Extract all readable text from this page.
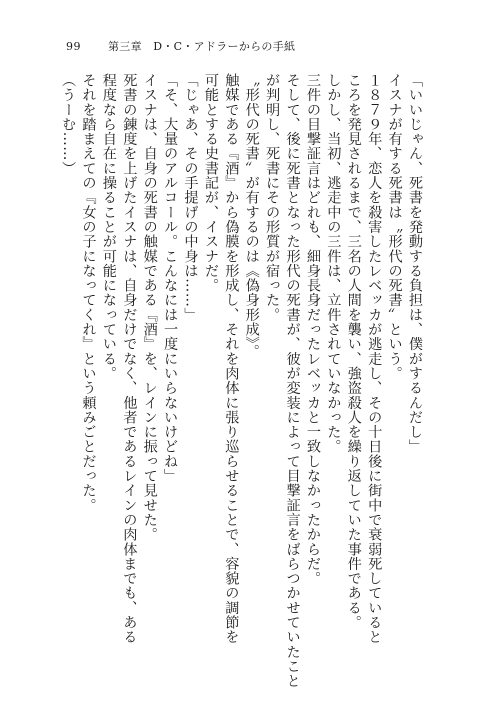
99	第三章　D・C・アドラーからの手紙
「いいじゃん、死書を発動する負担は、僕がするんだし」
イスナが有する死書は〝形代の死書〟という。
１８７９年、恋人を殺害したレベッカが逃走し、その十日後に街中で衰弱死していると
ころを発見されるまで、三名の人間を襲い、強盗殺人を繰り返していた事件である。
しかし、当初、逃走中の三件は、立件されていなかった。
三件の目撃証言はどれも、細身長身だったレベッカと一致しなかったからだ。
そして、後に死書となった形代の死書が、彼が変装によって目撃証言をばらつかせていたこと
が判明し、死書にその形質が宿った。
〝形代の死書〟が有するのは《偽身形成》。
触媒である『酒』から偽膜を形成し、それを肉体に張り巡らせることで、容貌の調節を
可能とする史書記が、イスナだ。
「じゃあ、その手提げの中身は……」
「そ、大量のアルコール。こんなには一度にいらないけどね」
イスナは、自身の死書の触媒である『酒』を、レインに振って見せた。
死書の錬度を上げたイスナは、自身だけでなく、他者であるレインの肉体までも、ある
程度なら自在に操ることが可能になっている。
それを踏まえての『女の子になってくれ』という頼みごとだった。
（うーむ……）
